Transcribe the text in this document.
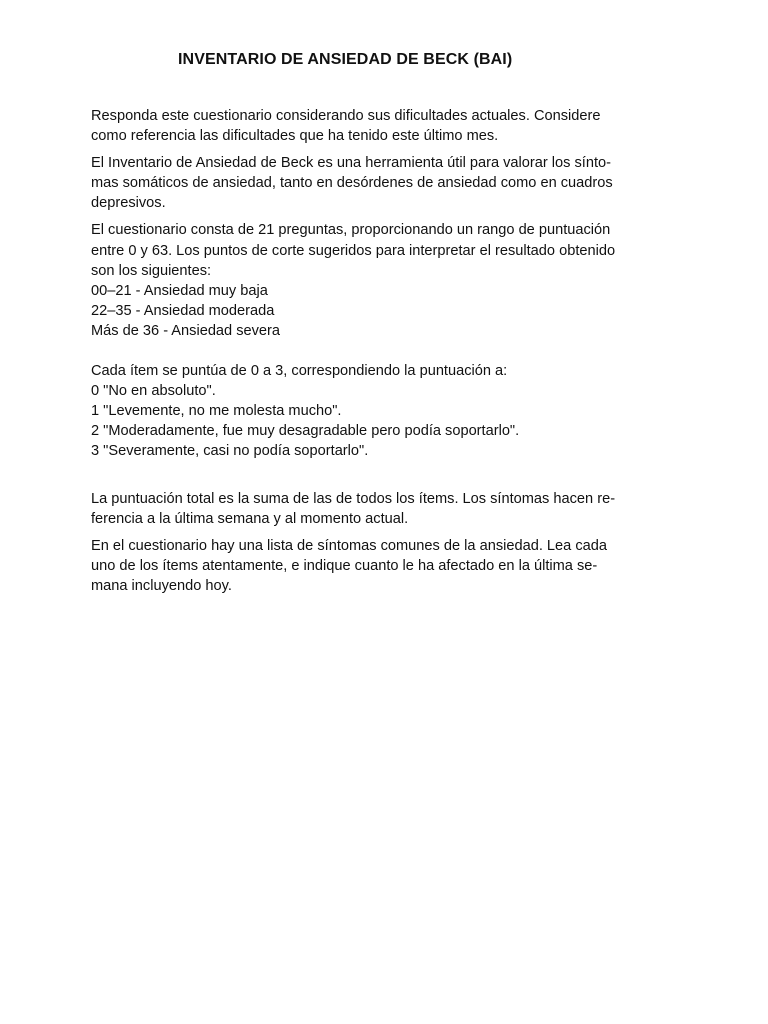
INVENTARIO DE ANSIEDAD DE BECK (BAI)

Responda este cuestionario considerando sus dificultades actuales. Considere
como referencia las dificultades que ha tenido este último mes.

El Inventario de Ansiedad de Beck es una herramienta útil para valorar los sínto-
mas somáticos de ansiedad, tanto en desórdenes de ansiedad como en cuadros
depresivos.

El cuestionario consta de 21 preguntas, proporcionando un rango de puntuación
entre 0 y 63. Los puntos de corte sugeridos para interpretar el resultado obtenido
son los siguientes:
00–21 - Ansiedad muy baja
22–35 - Ansiedad moderada
Más de 36 - Ansiedad severa
Cada ítem se puntúa de 0 a 3, correspondiendo la puntuación a:
0 "No en absoluto".
1 "Levemente, no me molesta mucho".
2 "Moderadamente, fue muy desagradable pero podía soportarlo".
3 "Severamente, casi no podía soportarlo".

La puntuación total es la suma de las de todos los ítems. Los síntomas hacen re-
ferencia a la última semana y al momento actual.

En el cuestionario hay una lista de síntomas comunes de la ansiedad. Lea cada
uno de los ítems atentamente, e indique cuanto le ha afectado en la última se-
mana incluyendo hoy.
